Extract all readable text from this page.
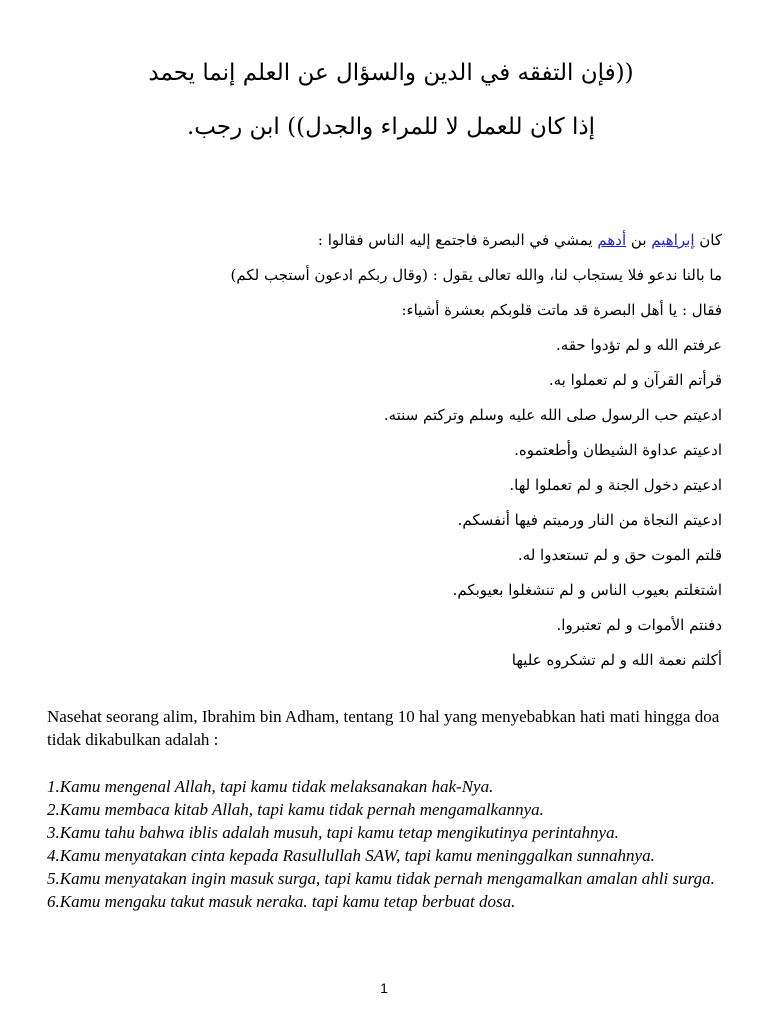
((فإن التفقه في الدين والسؤال عن العلم إنما يحمد
إذا كان للعمل لا للمراء والجدل)) ابن رجب.
كان إبراهيم بن أدهم يمشي في البصرة فاجتمع إليه الناس فقالوا :
ما بالنا ندعو فلا يستجاب لنا، والله تعالى يقول : (وقال ربكم ادعون أستجب لكم)
فقال : يا أهل البصرة قد ماتت قلوبكم بعشرة أشياء:
عرفتم الله و لم تؤدوا حقه.
قرأتم القرآن و لم تعملوا به.
ادعيتم حب الرسول صلى الله عليه وسلم وتركتم سنته.
ادعيتم عداوة الشيطان وأطعتموه.
ادعيتم دخول الجنة و لم تعملوا لها.
ادعيتم النجاة من النار ورميتم فيها أنفسكم.
قلتم الموت حق و لم تستعدوا له.
اشتغلتم بعيوب الناس و لم تنشغلوا بعيوبكم.
دفنتم الأموات و لم تعتبروا.
أكلتم نعمة الله و لم تشكروه عليها
Nasehat seorang alim, Ibrahim bin Adham, tentang 10 hal yang menyebabkan hati mati hingga doa tidak dikabulkan adalah :
1.Kamu mengenal Allah, tapi kamu tidak melaksanakan hak-Nya.
2.Kamu membaca kitab Allah, tapi kamu tidak pernah mengamalkannya.
3.Kamu tahu bahwa iblis adalah musuh, tapi kamu tetap mengikutinya perintahnya.
4.Kamu menyatakan cinta kepada Rasullullah SAW, tapi kamu meninggalkan sunnahnya.
5.Kamu menyatakan ingin masuk surga, tapi kamu tidak pernah mengamalkan amalan ahli surga.
6.Kamu mengaku takut masuk neraka. tapi kamu tetap berbuat dosa.
1
